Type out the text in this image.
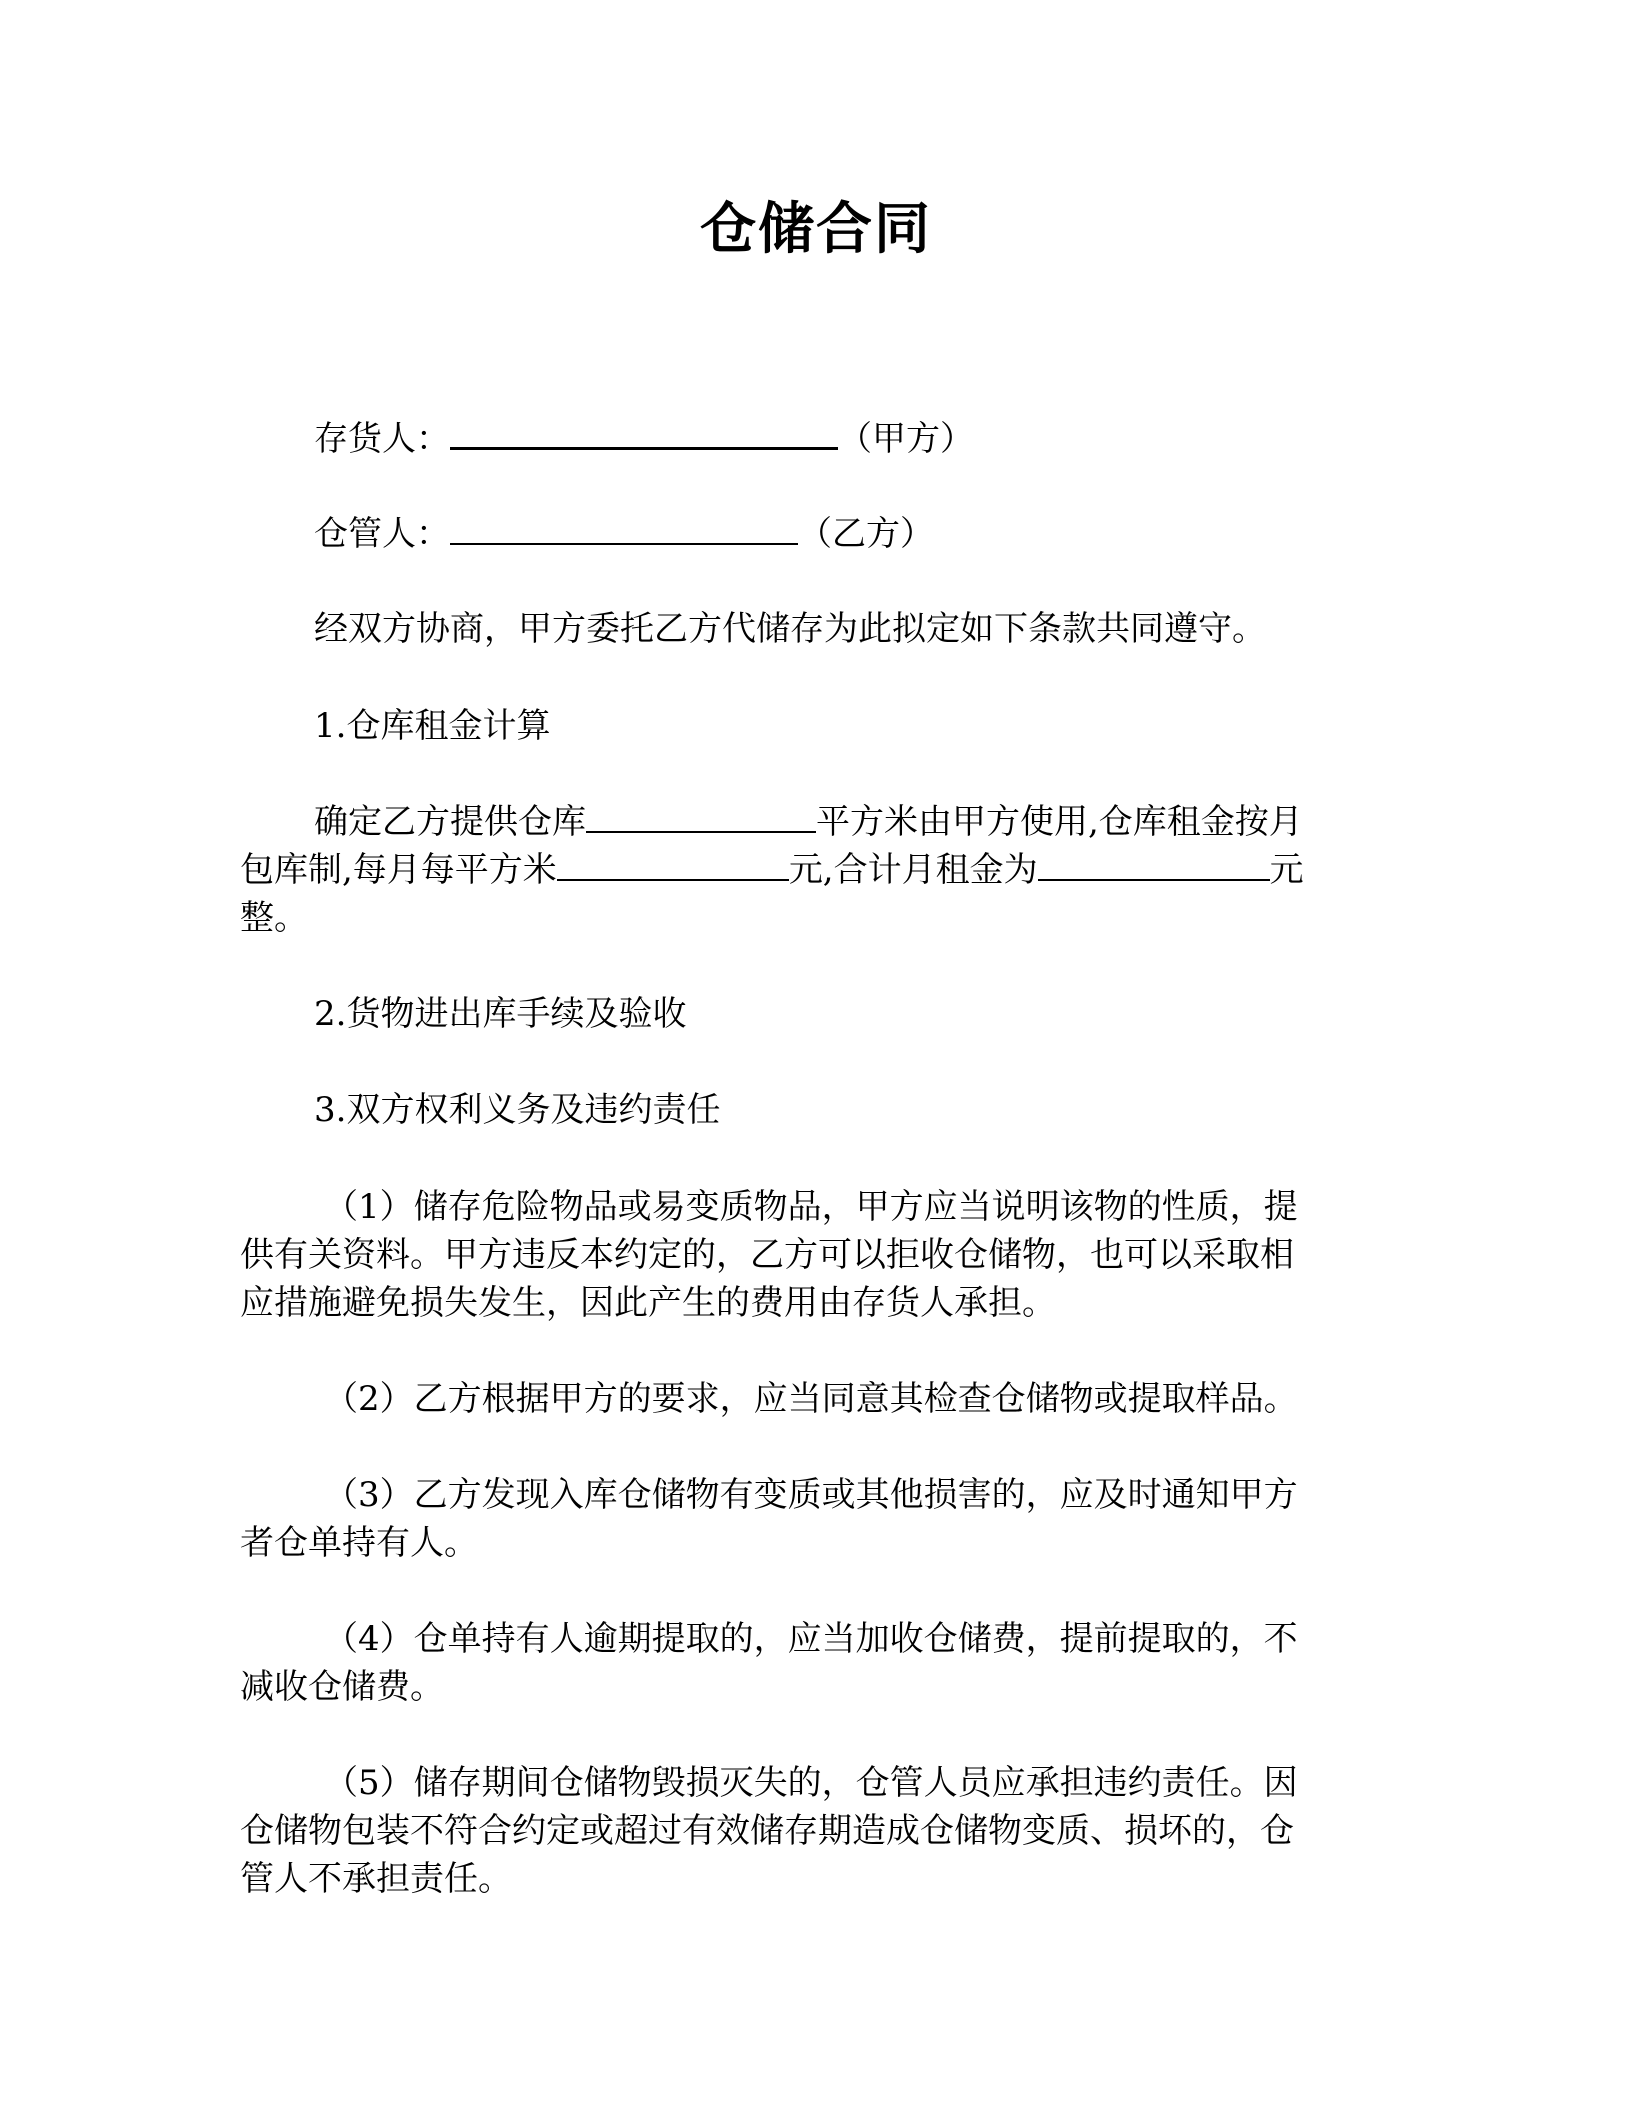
仓储合同
存货人：	（甲方）
仓管人：	（乙方）
经双方协商，甲方委托乙方代储存为此拟定如下条款共同遵守。
1.仓库租金计算
确定乙方提供仓库	平方米由甲方使用,仓库租金按月
包库制,每月每平方米	元,合计月租金为	元
整。
2.货物进出库手续及验收
3.双方权利义务及违约责任
（1）储存危险物品或易变质物品，甲方应当说明该物的性质，提
供有关资料。甲方违反本约定的，乙方可以拒收仓储物，也可以采取相
应措施避免损失发生，因此产生的费用由存货人承担。
（2）乙方根据甲方的要求，应当同意其检查仓储物或提取样品。
（3）乙方发现入库仓储物有变质或其他损害的，应及时通知甲方
者仓单持有人。
（4）仓单持有人逾期提取的，应当加收仓储费，提前提取的，不
减收仓储费。
（5）储存期间仓储物毁损灭失的，仓管人员应承担违约责任。因
仓储物包装不符合约定或超过有效储存期造成仓储物变质、损坏的，仓
管人不承担责任。
